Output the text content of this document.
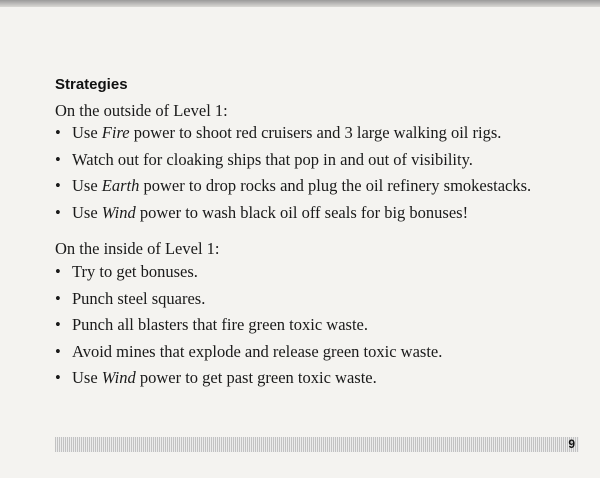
Strategies
On the outside of Level 1:
• Use Fire power to shoot red cruisers and 3 large walking oil rigs.
• Watch out for cloaking ships that pop in and out of visibility.
• Use Earth power to drop rocks and plug the oil refinery smokestacks.
• Use Wind power to wash black oil off seals for big bonuses!
On the inside of Level 1:
• Try to get bonuses.
• Punch steel squares.
• Punch all blasters that fire green toxic waste.
• Avoid mines that explode and release green toxic waste.
• Use Wind power to get past green toxic waste.
9
